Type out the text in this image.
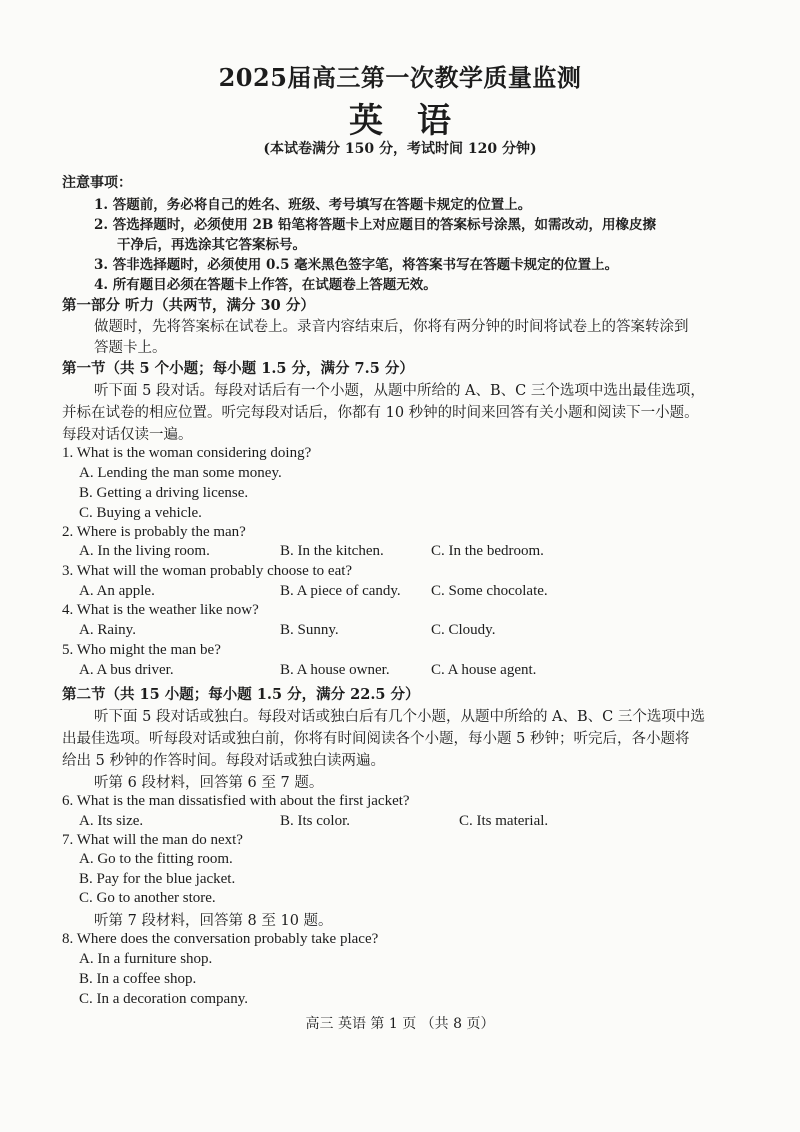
2025届高三第一次教学质量监测
英语
(本试卷满分 150 分，考试时间 120 分钟)
注意事项：
1. 答题前，务必将自己的姓名、班级、考号填写在答题卡规定的位置上。
2. 答选择题时，必须使用 2B 铅笔将答题卡上对应题目的答案标号涂黑，如需改动，用橡皮擦
干净后，再选涂其它答案标号。
3. 答非选择题时，必须使用 0.5 毫米黑色签字笔，将答案书写在答题卡规定的位置上。
4. 所有题目必须在答题卡上作答，在试题卷上答题无效。
第一部分 听力（共两节，满分 30 分）
做题时，先将答案标在试卷上。录音内容结束后，你将有两分钟的时间将试卷上的答案转涂到
答题卡上。
第一节（共 5 个小题；每小题 1.5 分，满分 7.5 分）
听下面 5 段对话。每段对话后有一个小题，从题中所给的 A、B、C 三个选项中选出最佳选项，
并标在试卷的相应位置。听完每段对话后，你都有 10 秒钟的时间来回答有关小题和阅读下一小题。
每段对话仅读一遍。
1. What is the woman considering doing?
A. Lending the man some money.
B. Getting a driving license.
C. Buying a vehicle.
2. Where is probably the man?
A. In the living room.	B. In the kitchen.	C. In the bedroom.
3. What will the woman probably choose to eat?
A. An apple.	B. A piece of candy. C. Some chocolate.
4. What is the weather like now?
A. Rainy.	B. Sunny.	C. Cloudy.
5. Who might the man be?
A. A bus driver.	B. A house owner.	C. A house agent.
第二节（共 15 小题；每小题 1.5 分，满分 22.5 分）
听下面 5 段对话或独白。每段对话或独白后有几个小题，从题中所给的 A、B、C 三个选项中选
出最佳选项。听每段对话或独白前，你将有时间阅读各个小题，每小题 5 秒钟；听完后，各小题将
给出 5 秒钟的作答时间。每段对话或独白读两遍。
听第 6 段材料，回答第 6 至 7 题。
6. What is the man dissatisfied with about the first jacket?
A. Its size.	B. Its color.	C. Its material.
7. What will the man do next?
A. Go to the fitting room.
B. Pay for the blue jacket.
C. Go to another store.
听第 7 段材料，回答第 8 至 10 题。
8. Where does the conversation probably take place?
A. In a furniture shop.
B. In a coffee shop.
C. In a decoration company.
高三 英语 第 1 页 （共 8 页）
